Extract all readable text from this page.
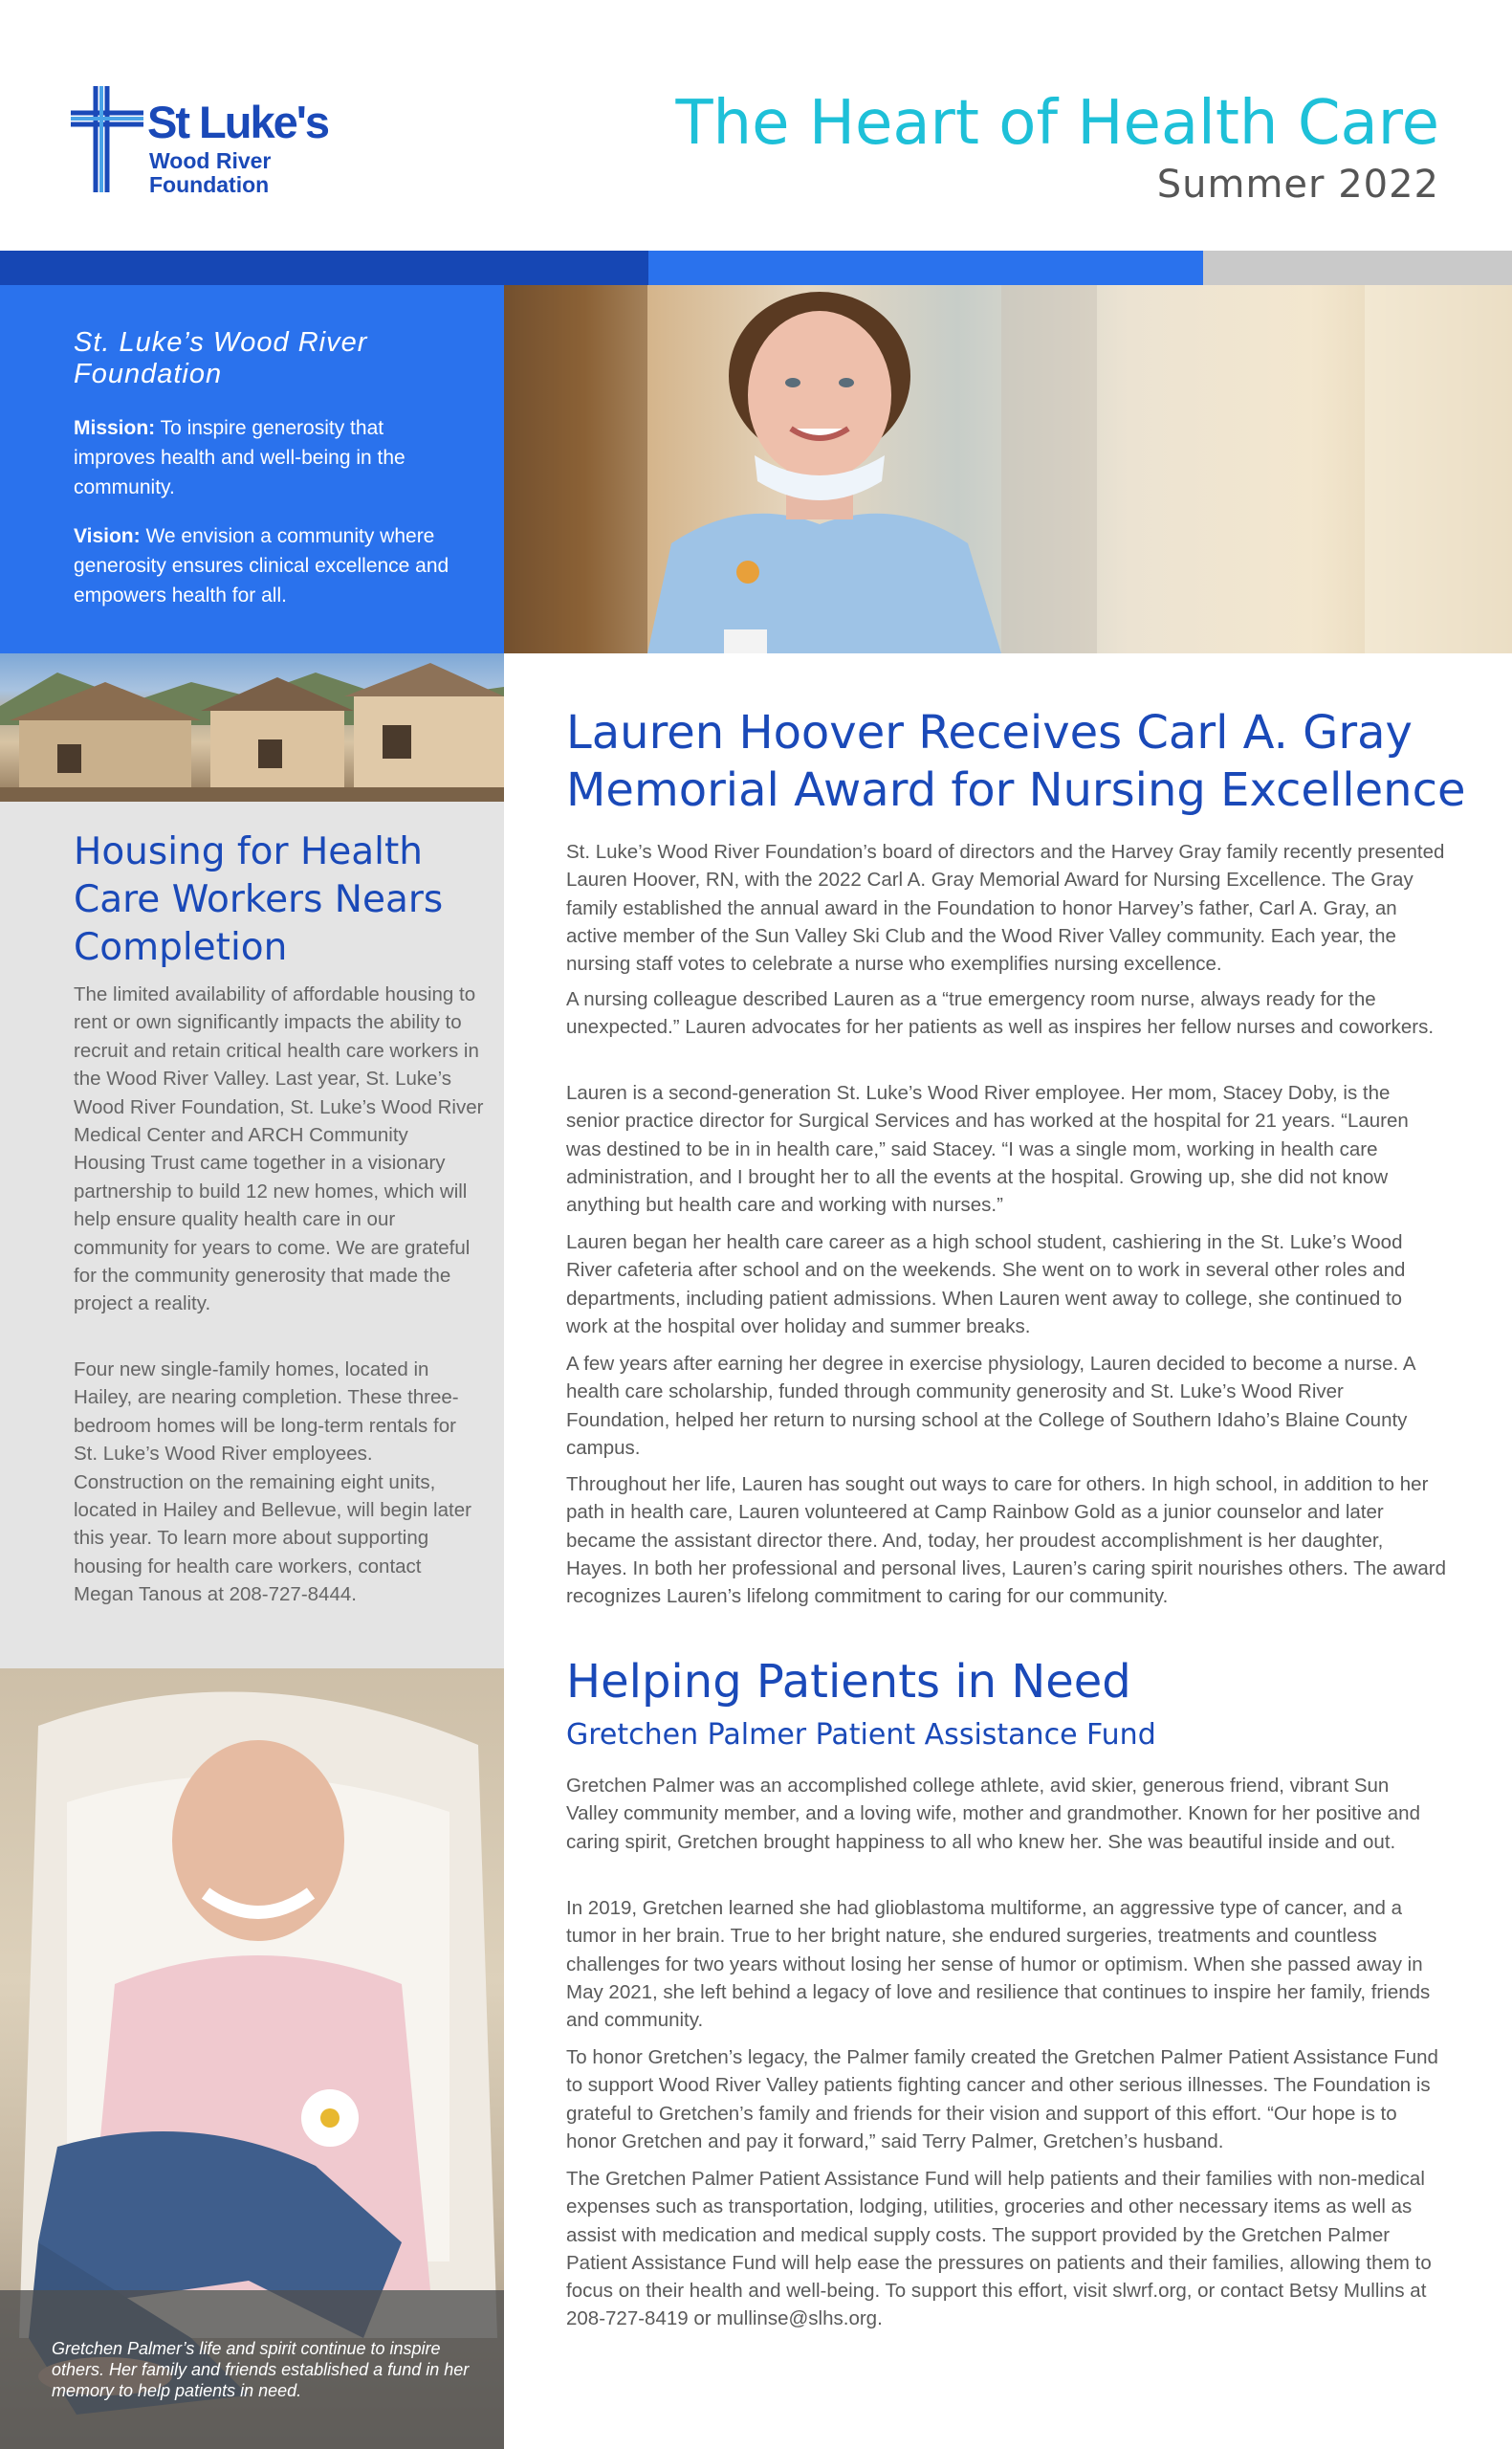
St Luke's
Wood River
Foundation
The Heart of Health Care
Summer 2022
St. Luke’s Wood River Foundation

Mission: To inspire generosity that improves health and well-being in the community.

Vision: We envision a community where generosity ensures clinical excellence and empowers health for all.

Housing for Health Care Workers Nears Completion

The limited availability of affordable housing to rent or own significantly impacts the ability to recruit and retain critical health care workers in the Wood River Valley. Last year, St. Luke’s Wood River Foundation, St. Luke’s Wood River Medical Center and ARCH Community Housing Trust came together in a visionary partnership to build 12 new homes, which will help ensure quality health care in our community for years to come. We are grateful for the community generosity that made the project a reality.

Four new single-family homes, located in Hailey, are nearing completion. These three-bedroom homes will be long-term rentals for St. Luke’s Wood River employees. Construction on the remaining eight units, located in Hailey and Bellevue, will begin later this year. To learn more about supporting housing for health care workers, contact Megan Tanous at 208-727-8444.

Gretchen Palmer’s life and spirit continue to inspire others. Her family and friends established a fund in her memory to help patients in need.

Lauren Hoover Receives Carl A. Gray Memorial Award for Nursing Excellence

St. Luke’s Wood River Foundation’s board of directors and the Harvey Gray family recently presented Lauren Hoover, RN, with the 2022 Carl A. Gray Memorial Award for Nursing Excellence. The Gray family established the annual award in the Foundation to honor Harvey’s father, Carl A. Gray, an active member of the Sun Valley Ski Club and the Wood River Valley community. Each year, the nursing staff votes to celebrate a nurse who exemplifies nursing excellence.

A nursing colleague described Lauren as a “true emergency room nurse, always ready for the unexpected.” Lauren advocates for her patients as well as inspires her fellow nurses and coworkers.

Lauren is a second-generation St. Luke’s Wood River employee. Her mom, Stacey Doby, is the senior practice director for Surgical Services and has worked at the hospital for 21 years. “Lauren was destined to be in in health care,” said Stacey. “I was a single mom, working in health care administration, and I brought her to all the events at the hospital. Growing up, she did not know anything but health care and working with nurses.”

Lauren began her health care career as a high school student, cashiering in the St. Luke’s Wood River cafeteria after school and on the weekends. She went on to work in several other roles and departments, including patient admissions. When Lauren went away to college, she continued to work at the hospital over holiday and summer breaks.

A few years after earning her degree in exercise physiology, Lauren decided to become a nurse. A health care scholarship, funded through community generosity and St. Luke’s Wood River Foundation, helped her return to nursing school at the College of Southern Idaho’s Blaine County campus.

Throughout her life, Lauren has sought out ways to care for others. In high school, in addition to her path in health care, Lauren volunteered at Camp Rainbow Gold as a junior counselor and later became the assistant director there. And, today, her proudest accomplishment is her daughter, Hayes. In both her professional and personal lives, Lauren’s caring spirit nourishes others. The award recognizes Lauren’s lifelong commitment to caring for our community.

Helping Patients in Need
Gretchen Palmer Patient Assistance Fund

Gretchen Palmer was an accomplished college athlete, avid skier, generous friend, vibrant Sun Valley community member, and a loving wife, mother and grandmother. Known for her positive and caring spirit, Gretchen brought happiness to all who knew her. She was beautiful inside and out.

In 2019, Gretchen learned she had glioblastoma multiforme, an aggressive type of cancer, and a tumor in her brain. True to her bright nature, she endured surgeries, treatments and countless challenges for two years without losing her sense of humor or optimism. When she passed away in May 2021, she left behind a legacy of love and resilience that continues to inspire her family, friends and community.

To honor Gretchen’s legacy, the Palmer family created the Gretchen Palmer Patient Assistance Fund to support Wood River Valley patients fighting cancer and other serious illnesses. The Foundation is grateful to Gretchen’s family and friends for their vision and support of this effort. “Our hope is to honor Gretchen and pay it forward,” said Terry Palmer, Gretchen’s husband.

The Gretchen Palmer Patient Assistance Fund will help patients and their families with non-medical expenses such as transportation, lodging, utilities, groceries and other necessary items as well as assist with medication and medical supply costs. The support provided by the Gretchen Palmer Patient Assistance Fund will help ease the pressures on patients and their families, allowing them to focus on their health and well-being. To support this effort, visit slwrf.org, or contact Betsy Mullins at 208-727-8419 or mullinse@slhs.org.
